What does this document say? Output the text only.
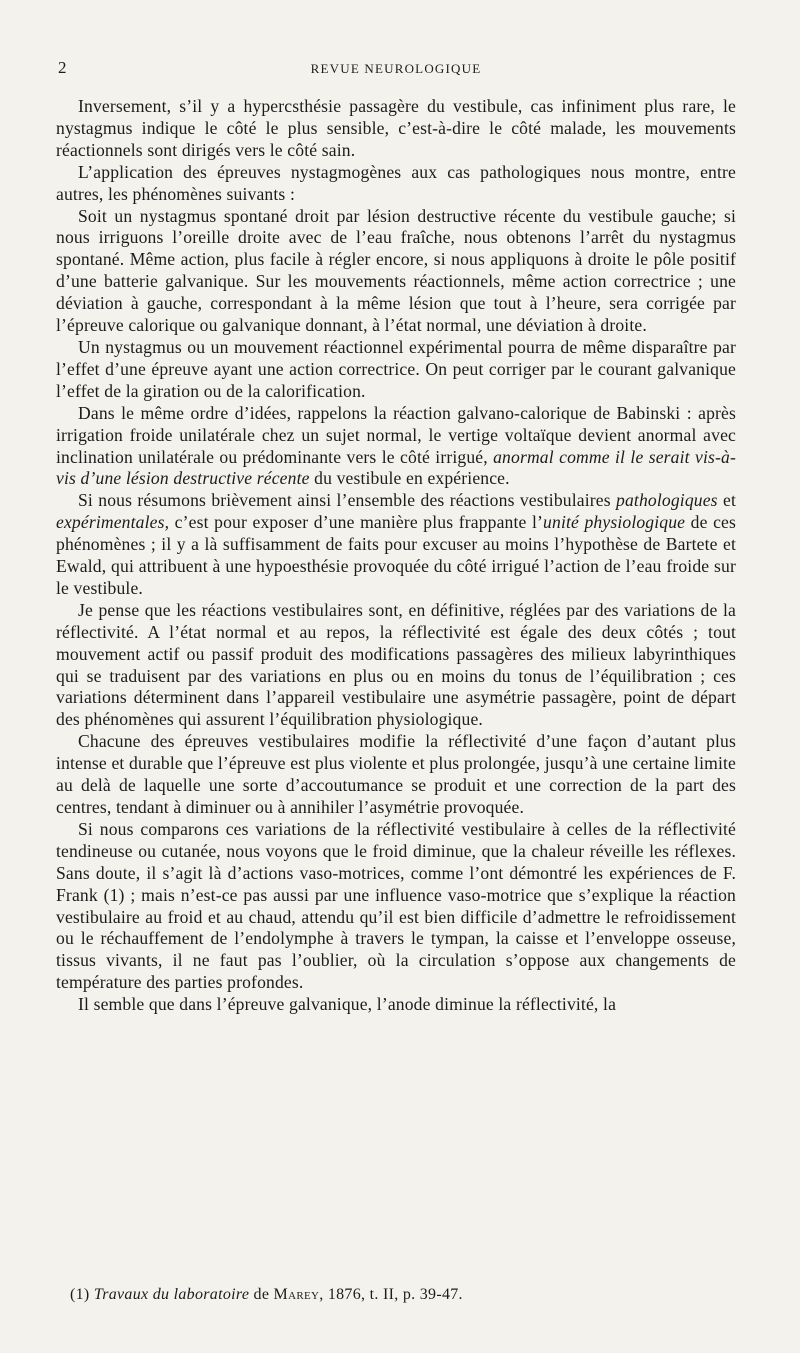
2	REVUE NEUROLOGIQUE

Inversement, s’il y a hypercsthésie passagère du vestibule, cas infiniment plus rare, le nystagmus indique le côté le plus sensible, c’est-à-dire le côté malade, les mouvements réactionnels sont dirigés vers le côté sain.

L’application des épreuves nystagmogènes aux cas pathologiques nous montre, entre autres, les phénomènes suivants :

Soit un nystagmus spontané droit par lésion destructive récente du vestibule gauche; si nous irriguons l’oreille droite avec de l’eau fraîche, nous obtenons l’arrêt du nystagmus spontané. Même action, plus facile à régler encore, si nous appliquons à droite le pôle positif d’une batterie galvanique. Sur les mouvements réactionnels, même action correctrice ; une déviation à gauche, correspondant à la même lésion que tout à l’heure, sera corrigée par l’épreuve calorique ou galvanique donnant, à l’état normal, une déviation à droite.

Un nystagmus ou un mouvement réactionnel expérimental pourra de même disparaître par l’effet d’une épreuve ayant une action correctrice. On peut corriger par le courant galvanique l’effet de la giration ou de la calorification.

Dans le même ordre d’idées, rappelons la réaction galvano-calorique de Babinski : après irrigation froide unilatérale chez un sujet normal, le vertige voltaïque devient anormal avec inclination unilatérale ou prédominante vers le côté irrigué, anormal comme il le serait vis-à-vis d’une lésion destructive récente du vestibule en expérience.

Si nous résumons brièvement ainsi l’ensemble des réactions vestibulaires pathologiques et expérimentales, c’est pour exposer d’une manière plus frappante l’unité physiologique de ces phénomènes ; il y a là suffisamment de faits pour excuser au moins l’hypothèse de Bartete et Ewald, qui attribuent à une hypoesthésie provoquée du côté irrigué l’action de l’eau froide sur le vestibule.

Je pense que les réactions vestibulaires sont, en définitive, réglées par des variations de la réflectivité. A l’état normal et au repos, la réflectivité est égale des deux côtés ; tout mouvement actif ou passif produit des modifications passagères des milieux labyrinthiques qui se traduisent par des variations en plus ou en moins du tonus de l’équilibration ; ces variations déterminent dans l’appareil vestibulaire une asymétrie passagère, point de départ des phénomènes qui assurent l’équilibration physiologique.

Chacune des épreuves vestibulaires modifie la réflectivité d’une façon d’autant plus intense et durable que l’épreuve est plus violente et plus prolongée, jusqu’à une certaine limite au delà de laquelle une sorte d’accoutumance se produit et une correction de la part des centres, tendant à diminuer ou à annihiler l’asymétrie provoquée.

Si nous comparons ces variations de la réflectivité vestibulaire à celles de la réflectivité tendineuse ou cutanée, nous voyons que le froid diminue, que la chaleur réveille les réflexes. Sans doute, il s’agit là d’actions vaso-motrices, comme l’ont démontré les expériences de F. Frank (1) ; mais n’est-ce pas aussi par une influence vaso-motrice que s’explique la réaction vestibulaire au froid et au chaud, attendu qu’il est bien difficile d’admettre le refroidissement ou le réchauffement de l’endolymphe à travers le tympan, la caisse et l’enveloppe osseuse, tissus vivants, il ne faut pas l’oublier, où la circulation s’oppose aux changements de température des parties profondes.

Il semble que dans l’épreuve galvanique, l’anode diminue la réflectivité, la

(1) Travaux du laboratoire de Marey, 1876, t. II, p. 39-47.
